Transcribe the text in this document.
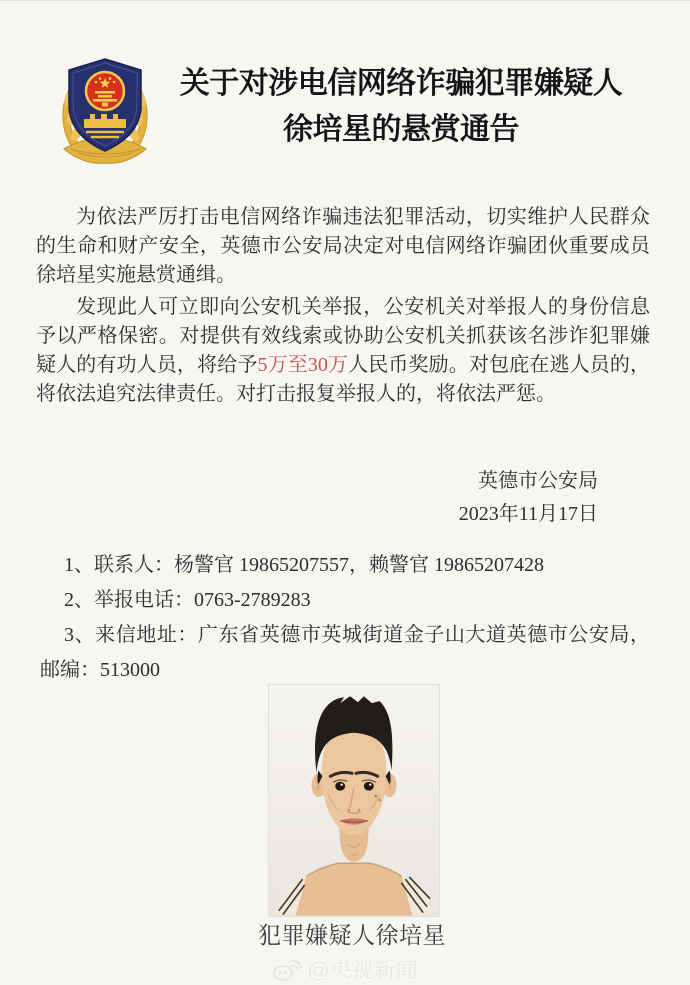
关于对涉电信网络诈骗犯罪嫌疑人
徐培星的悬赏通告

为依法严厉打击电信网络诈骗违法犯罪活动，切实维护人民群众的生命和财产安全，英德市公安局决定对电信网络诈骗团伙重要成员徐培星实施悬赏通缉。

发现此人可立即向公安机关举报，公安机关对举报人的身份信息予以严格保密。对提供有效线索或协助公安机关抓获该名涉诈犯罪嫌疑人的有功人员，将给予5万至30万人民币奖励。对包庇在逃人员的，将依法追究法律责任。对打击报复举报人的，将依法严惩。

英德市公安局
2023年11月17日
1、联系人：杨警官 19865207557，赖警官 19865207428
2、举报电话：0763-2789283
3、来信地址：广东省英德市英城街道金子山大道英德市公安局，邮编：513000
犯罪嫌疑人徐培星
@央视新闻
